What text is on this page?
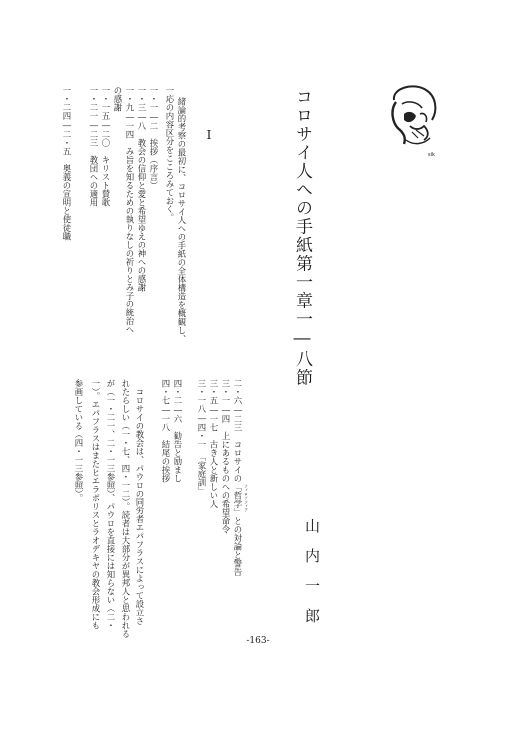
sik
コロサイ人への手紙第一章一―八節
山　内　一　郎
Ⅰ
緒論的考察の最初に、コロサイ人への手紙の全体構造を概観し、
一応の内容区分をこころみておく。
一・一―二　挨拶（序言）
一・三―八　教会の信仰と愛と希望ゆえの神への感謝
一・九―一四　み旨を知るための執りなしの祈りとみ子の統治へ
の感謝
一・一五―二〇　キリスト賛歌
一・二一―二三　教団への適用
一・二四―二・五　奥義の宣明と使徒職
二・六―二三　コロサイの「哲学」との対論と警告 フィロソフィア
三・一―四　上にあるものへの希望命令
三・五―一七　古き人と新しい人
三・一八―四・一　「家庭訓」
四・二―六　勧告と励まし
四・七―一八　結尾の挨拶
　コロサイの教会は、パウロの同労者エパフラスによって設立さ
れたらしい（一・七、四・一二）。読者は大部分が異邦人と思われる
が（一・二一、二・一三参照）、パウロを直接には知らない（二・
一）。エパフラスはまたヒエラポリスとラオデキヤの教会形成にも
参画している（四・一三参照）。
-163-
